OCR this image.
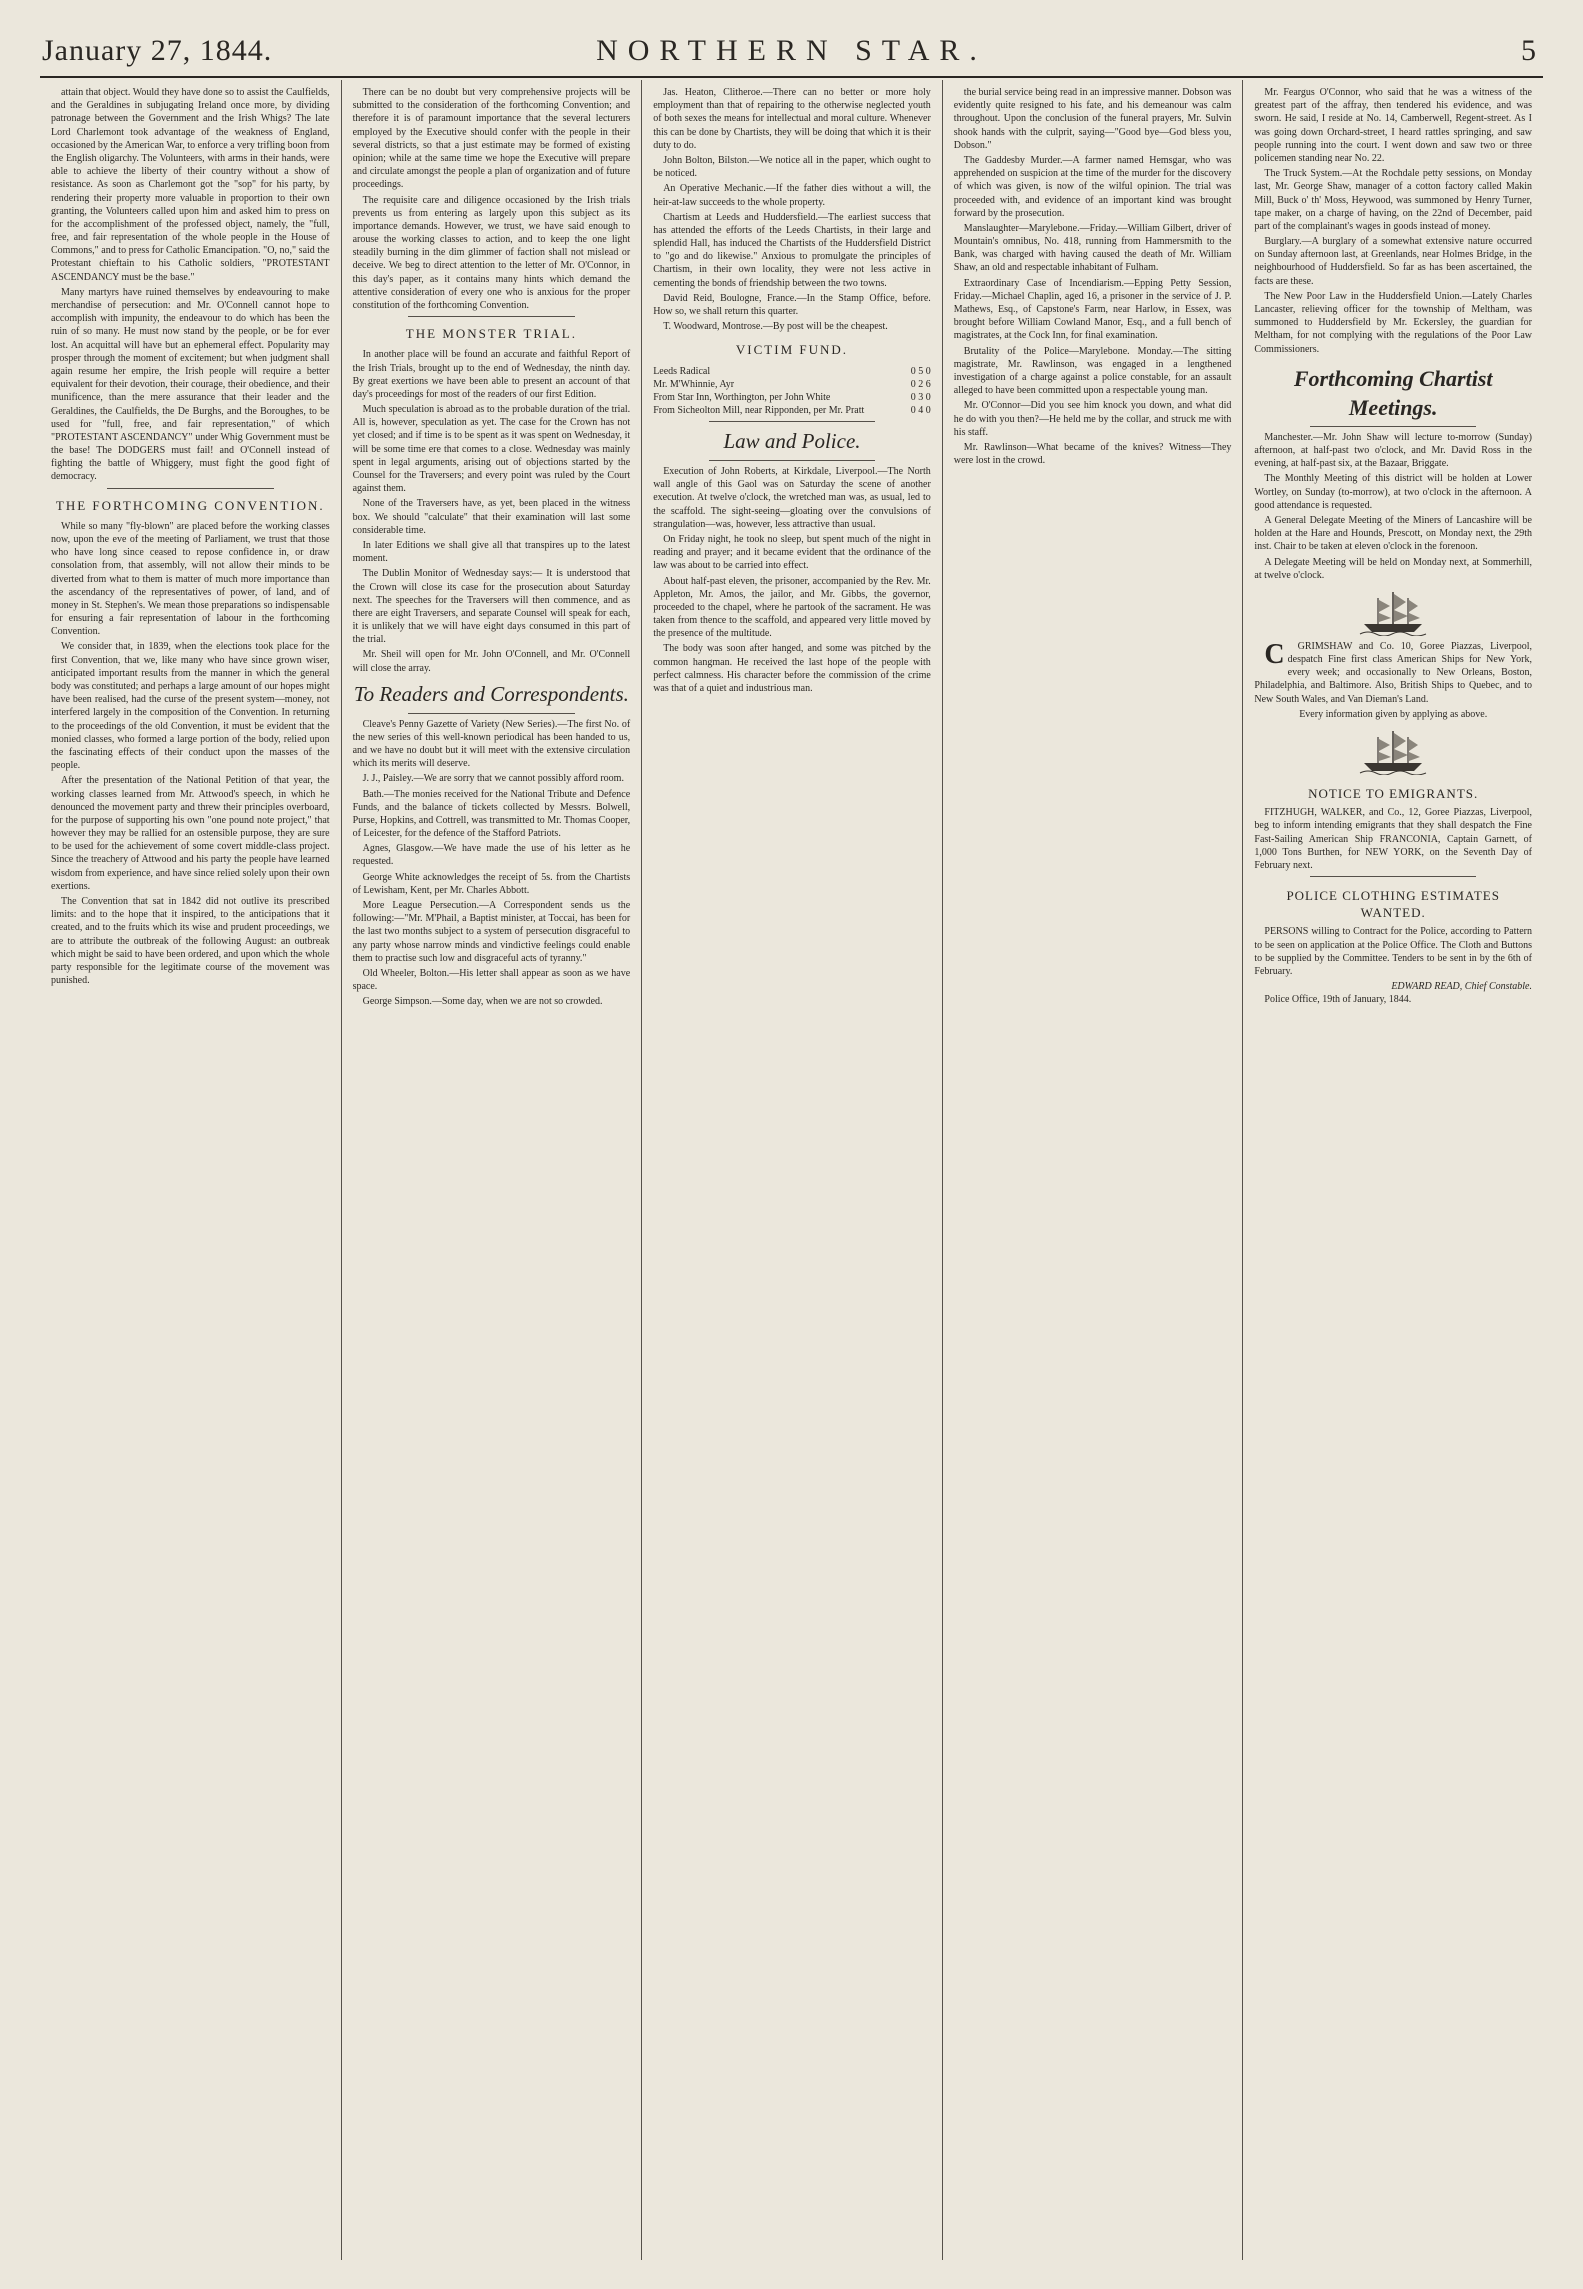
January 27, 1844.	NORTHERN STAR.	5

attain that object. Would they have done so to assist the Caulfields, and the Geraldines in subjugating Ireland once more, by dividing patronage between the Government and the Irish Whigs? The late Lord Charlemont took advantage of the weakness of England, occasioned by the American War, to enforce a very trifling boon from the English oligarchy. The Volunteers, with arms in their hands, were able to achieve the liberty of their country without a show of resistance. As soon as Charlemont got the "sop" for his party, by rendering their property more valuable in proportion to their own granting, the Volunteers called upon him and asked him to press on for the accomplishment of the professed object, namely, the "full, free, and fair representation of the whole people in the House of Commons," and to press for Catholic Emancipation. "O, no," said the Protestant chieftain to his Catholic soldiers, "PROTESTANT ASCENDANCY must be the base."

Many martyrs have ruined themselves by endeavouring to make merchandise of persecution: and Mr. O'Connell cannot hope to accomplish with impunity, the endeavour to do which has been the ruin of so many. He must now stand by the people, or be for ever lost. An acquittal will have but an ephemeral effect. Popularity may prosper through the moment of excitement; but when judgment shall again resume her empire, the Irish people will require a better equivalent for their devotion, their courage, their obedience, and their munificence, than the mere assurance that their leader and the Geraldines, the Caulfields, the De Burghs, and the Boroughes, to be used for "full, free, and fair representation," of which "PROTESTANT ASCENDANCY" under Whig Government must be the base! The DODGERS must fail! and O'Connell instead of fighting the battle of Whiggery, must fight the good fight of democracy.

THE FORTHCOMING CONVENTION.

While so many "fly-blown" are placed before the working classes now, upon the eve of the meeting of Parliament, we trust that those who have long since ceased to repose confidence in, or draw consolation from, that assembly, will not allow their minds to be diverted from what to them is matter of much more importance than the ascendancy of the representatives of power, of land, and of money in St. Stephen's. We mean those preparations so indispensable for ensuring a fair representation of labour in the forthcoming Convention.

We consider that, in 1839, when the elections took place for the first Convention, that we, like many who have since grown wiser, anticipated important results from the manner in which the general body was constituted; and perhaps a large amount of our hopes might have been realised, had the curse of the present system—money, not interfered largely in the composition of the Convention. In returning to the proceedings of the old Convention, it must be evident that the monied classes, who formed a large portion of the body, relied upon the fascinating effects of their conduct upon the masses of the people.

After the presentation of the National Petition of that year, the working classes learned from Mr. Attwood's speech, in which he denounced the movement party and threw their principles overboard, for the purpose of supporting his own "one pound note project," that however they may be rallied for an ostensible purpose, they are sure to be used for the achievement of some covert middle-class project. Since the treachery of Attwood and his party the people have learned wisdom from experience, and have since relied solely upon their own exertions.

The Convention that sat in 1842 did not outlive its prescribed limits: and to the hope that it inspired, to the anticipations that it created, and to the fruits which its wise and prudent proceedings, we are to attribute the outbreak of the following August: an outbreak which might be said to have been ordered, and upon which the whole party responsible for the legitimate course of the movement was punished.

There can be no doubt but very comprehensive projects will be submitted to the consideration of the forthcoming Convention; and therefore it is of paramount importance that the several lecturers employed by the Executive should confer with the people in their several districts, so that a just estimate may be formed of existing opinion; while at the same time we hope the Executive will prepare and circulate amongst the people a plan of organization and of future proceedings.

The requisite care and diligence occasioned by the Irish trials prevents us from entering as largely upon this subject as its importance demands. However, we trust, we have said enough to arouse the working classes to action, and to keep the one light steadily burning in the dim glimmer of faction shall not mislead or deceive. We beg to direct attention to the letter of Mr. O'Connor, in this day's paper, as it contains many hints which demand the attentive consideration of every one who is anxious for the proper constitution of the forthcoming Convention.

THE MONSTER TRIAL.

In another place will be found an accurate and faithful Report of the Irish Trials, brought up to the end of Wednesday, the ninth day. By great exertions we have been able to present an account of that day's proceedings for most of the readers of our first Edition.

Much speculation is abroad as to the probable duration of the trial. All is, however, speculation as yet. The case for the Crown has not yet closed; and if time is to be spent as it was spent on Wednesday, it will be some time ere that comes to a close. Wednesday was mainly spent in legal arguments, arising out of objections started by the Counsel for the Traversers; and every point was ruled by the Court against them.

None of the Traversers have, as yet, been placed in the witness box. We should "calculate" that their examination will last some considerable time.

In later Editions we shall give all that transpires up to the latest moment.

The Dublin Monitor of Wednesday says:— It is understood that the Crown will close its case for the prosecution about Saturday next. The speeches for the Traversers will then commence, and as there are eight Traversers, and separate Counsel will speak for each, it is unlikely that we will have eight days consumed in this part of the trial.

Mr. Sheil will open for Mr. John O'Connell, and Mr. O'Connell will close the array.

To Readers and Correspondents.

Cleave's Penny Gazette of Variety (New Series).—The first No. of the new series of this well-known periodical has been handed to us, and we have no doubt but it will meet with the extensive circulation which its merits will deserve.

J. J., Paisley.—We are sorry that we cannot possibly afford room.

Bath.—The monies received for the National Tribute and Defence Funds, and the balance of tickets collected by Messrs. Bolwell, Purse, Hopkins, and Cottrell, was transmitted to Mr. Thomas Cooper, of Leicester, for the defence of the Stafford Patriots.

Agnes, Glasgow.—We have made the use of his letter as he requested.

George White acknowledges the receipt of 5s. from the Chartists of Lewisham, Kent, per Mr. Charles Abbott.

More League Persecution.—A Correspondent sends us the following:—"Mr. M'Phail, a Baptist minister, at Toccai, has been for the last two months subject to a system of persecution disgraceful to any party whose narrow minds and vindictive feelings could enable them to practise such low and disgraceful acts of tyranny."

Old Wheeler, Bolton.—His letter shall appear as soon as we have space.

George Simpson.—Some day, when we are not so crowded.

Jas. Heaton, Clitheroe.—There can no better or more holy employment than that of repairing to the otherwise neglected youth of both sexes the means for intellectual and moral culture. Whenever this can be done by Chartists, they will be doing that which it is their duty to do.

John Bolton, Bilston.—We notice all in the paper, which ought to be noticed.

An Operative Mechanic.—If the father dies without a will, the heir-at-law succeeds to the whole property.

Chartism at Leeds and Huddersfield.—The earliest success that has attended the efforts of the Leeds Chartists, in their large and splendid Hall, has induced the Chartists of the Huddersfield District to "go and do likewise." Anxious to promulgate the principles of Chartism, in their own locality, they were not less active in cementing the bonds of friendship between the two towns.

David Reid, Boulogne, France.—In the Stamp Office, before. How so, we shall return this quarter.

T. Woodward, Montrose.—By post will be the cheapest.

VICTIM FUND.
Leeds Radical	0 5 0
Mr. M'Whinnie, Ayr	0 2 6
From Star Inn, Worthington, per John White	0 3 0
From Sicheolton Mill, near Ripponden, per Mr. Pratt	0 4 0
Law and Police.

Execution of John Roberts, at Kirkdale, Liverpool.—The North wall angle of this Gaol was on Saturday the scene of another execution. At twelve o'clock, the wretched man was, as usual, led to the scaffold. The sight-seeing—gloating over the convulsions of strangulation—was, however, less attractive than usual.

On Friday night, he took no sleep, but spent much of the night in reading and prayer; and it became evident that the ordinance of the law was about to be carried into effect.

About half-past eleven, the prisoner, accompanied by the Rev. Mr. Appleton, Mr. Amos, the jailor, and Mr. Gibbs, the governor, proceeded to the chapel, where he partook of the sacrament. He was taken from thence to the scaffold, and appeared very little moved by the presence of the multitude.

The body was soon after hanged, and some was pitched by the common hangman. He received the last hope of the people with perfect calmness. His character before the commission of the crime was that of a quiet and industrious man.

the burial service being read in an impressive manner. Dobson was evidently quite resigned to his fate, and his demeanour was calm throughout. Upon the conclusion of the funeral prayers, Mr. Sulvin shook hands with the culprit, saying—"Good bye—God bless you, Dobson."

The Gaddesby Murder.—A farmer named Hemsgar, who was apprehended on suspicion at the time of the murder for the discovery of which was given, is now of the wilful opinion. The trial was proceeded with, and evidence of an important kind was brought forward by the prosecution.

Manslaughter—Marylebone.—Friday.—William Gilbert, driver of Mountain's omnibus, No. 418, running from Hammersmith to the Bank, was charged with having caused the death of Mr. William Shaw, an old and respectable inhabitant of Fulham.

Extraordinary Case of Incendiarism.—Epping Petty Session, Friday.—Michael Chaplin, aged 16, a prisoner in the service of J. P. Mathews, Esq., of Capstone's Farm, near Harlow, in Essex, was brought before William Cowland Manor, Esq., and a full bench of magistrates, at the Cock Inn, for final examination.

Brutality of the Police—Marylebone. Monday.—The sitting magistrate, Mr. Rawlinson, was engaged in a lengthened investigation of a charge against a police constable, for an assault alleged to have been committed upon a respectable young man.

Mr. O'Connor—Did you see him knock you down, and what did he do with you then?—He held me by the collar, and struck me with his staff.

Mr. Rawlinson—What became of the knives? Witness—They were lost in the crowd.

Mr. Feargus O'Connor, who said that he was a witness of the greatest part of the affray, then tendered his evidence, and was sworn. He said, I reside at No. 14, Camberwell, Regent-street. As I was going down Orchard-street, I heard rattles springing, and saw people running into the court. I went down and saw two or three policemen standing near No. 22.

The Truck System.—At the Rochdale petty sessions, on Monday last, Mr. George Shaw, manager of a cotton factory called Makin Mill, Buck o' th' Moss, Heywood, was summoned by Henry Turner, tape maker, on a charge of having, on the 22nd of December, paid part of the complainant's wages in goods instead of money.

Burglary.—A burglary of a somewhat extensive nature occurred on Sunday afternoon last, at Greenlands, near Holmes Bridge, in the neighbourhood of Huddersfield. So far as has been ascertained, the facts are these.

The New Poor Law in the Huddersfield Union.—Lately Charles Lancaster, relieving officer for the township of Meltham, was summoned to Huddersfield by Mr. Eckersley, the guardian for Meltham, for not complying with the regulations of the Poor Law Commissioners.

Forthcoming Chartist Meetings.

Manchester.—Mr. John Shaw will lecture to-morrow (Sunday) afternoon, at half-past two o'clock, and Mr. David Ross in the evening, at half-past six, at the Bazaar, Briggate.

The Monthly Meeting of this district will be holden at Lower Wortley, on Sunday (to-morrow), at two o'clock in the afternoon. A good attendance is requested.

A General Delegate Meeting of the Miners of Lancashire will be holden at the Hare and Hounds, Prescott, on Monday next, the 29th inst. Chair to be taken at eleven o'clock in the forenoon.

A Delegate Meeting will be held on Monday next, at Sommerhill, at twelve o'clock.

C GRIMSHAW and Co. 10, Goree Piazzas, Liverpool, despatch Fine first class American Ships for New York, every week; and occasionally to New Orleans, Boston, Philadelphia, and Baltimore. Also, British Ships to Quebec, and to New South Wales, and Van Dieman's Land.

Every information given by applying as above.

NOTICE TO EMIGRANTS.

FITZHUGH, WALKER, and Co., 12, Goree Piazzas, Liverpool, beg to inform intending emigrants that they shall despatch the Fine Fast-Sailing American Ship FRANCONIA, Captain Garnett, of 1,000 Tons Burthen, for NEW YORK, on the Seventh Day of February next.

POLICE CLOTHING ESTIMATES WANTED.

PERSONS willing to Contract for the Police, according to Pattern to be seen on application at the Police Office. The Cloth and Buttons to be supplied by the Committee. Tenders to be sent in by the 6th of February.

EDWARD READ, Chief Constable.

Police Office, 19th of January, 1844.
